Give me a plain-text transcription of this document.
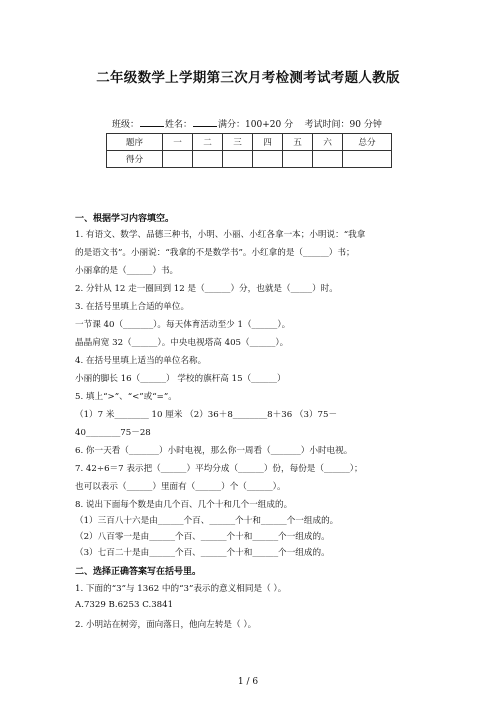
二年级数学上学期第三次月考检测考试考题人教版
班级：	姓名：	满分：100+20 分 考试时间：90 分钟
题序	一	二	三	四	五	六	总分
得分							
一、根据学习内容填空。
1. 有语文、数学、品德三种书，小明、小丽、小红各拿一本；小明说：“我拿
的是语文书”。小丽说：“我拿的不是数学书”。小红拿的是（______）书；
小丽拿的是（______）书。
2. 分针从 12 走一圈回到 12 是（______）分，也就是（_____）时。
3. 在括号里填上合适的单位。
一节课 40（_______）。每天体育活动至少 1（______）。
晶晶肩宽 32（______）。中央电视塔高 405（______）。
4. 在括号里填上适当的单位名称。
小丽的脚长 16（______） 学校的旗杆高 15（______）
5. 填上“>”、“<”或“=”。
（1）7 米________ 10 厘米 （2）36＋8________8＋36 （3）75－
40________75－28
6. 你一天看（_______）小时电视，那么你一周看（_______）小时电视。
7. 42÷6＝7 表示把（______）平均分成（______）份，每份是（______）；
也可以表示（______）里面有（______）个（______）。
8. 说出下面每个数是由几个百、几个十和几个一组成的。
（1）三百八十六是由______个百、______个十和______个一组成的。
（2）八百零一是由______个百、______个十和______个一组成的。
（3）七百二十是由______个百、______个十和______个一组成的。
二、选择正确答案写在括号里。
1. 下面的“3”与 1362 中的“3”表示的意义相同是（ ）。
A.7329 B.6253 C.3841
2. 小明站在树旁，面向落日，他向左转是（ ）。
1 / 6
